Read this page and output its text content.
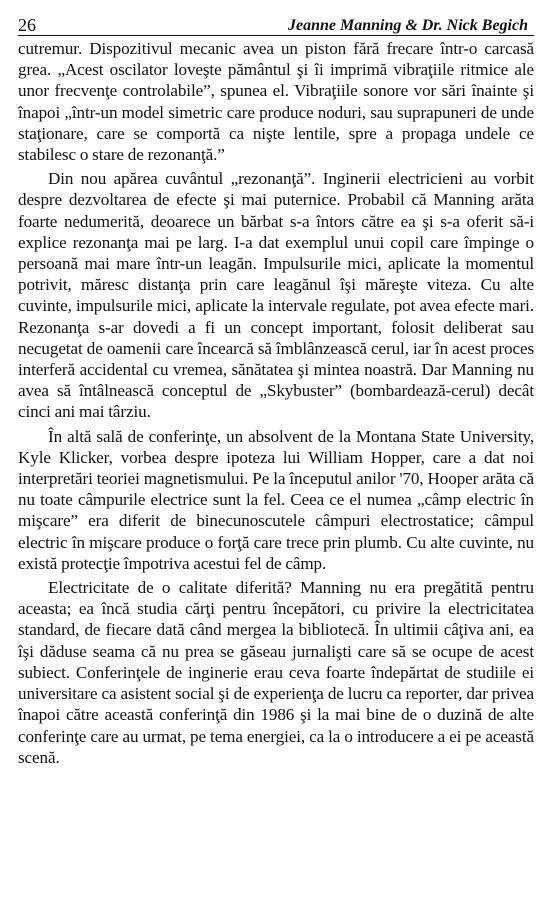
26	Jeanne Manning & Dr. Nick Begich

cutremur. Dispozitivul mecanic avea un piston fără frecare într-o carcasă grea. „Acest oscilator loveşte pământul şi îi imprimă vibraţiile ritmice ale unor frecvenţe controlabile”, spunea el. Vibraţiile sonore vor sări înainte şi înapoi „într-un model simetric care produce noduri, sau suprapuneri de unde staţionare, care se comportă ca nişte lentile, spre a propaga undele ce stabilesc o stare de rezonanţă.”

Din nou apărea cuvântul „rezonanţă”. Inginerii electricieni au vorbit despre dezvoltarea de efecte şi mai puternice. Probabil că Manning arăta foarte nedumerită, deoarece un bărbat s-a întors către ea şi s-a oferit să-i explice rezonanţa mai pe larg. I-a dat exemplul unui copil care împinge o persoană mai mare într-un leagăn. Impulsurile mici, aplicate la momentul potrivit, măresc distanţa prin care leagănul îşi măreşte viteza. Cu alte cuvinte, impulsurile mici, aplicate la intervale regulate, pot avea efecte mari. Rezonanţa s-ar dovedi a fi un concept important, folosit deliberat sau necugetat de oamenii care încearcă să îmblânzească cerul, iar în acest proces interferă accidental cu vremea, sănătatea şi mintea noastră. Dar Manning nu avea să întâlnească conceptul de „Skybuster” (bombardează-cerul) decât cinci ani mai târziu.

În altă sală de conferinţe, un absolvent de la Montana State University, Kyle Klicker, vorbea despre ipoteza lui William Hopper, care a dat noi interpretări teoriei magnetismului. Pe la începutul anilor '70, Hooper arăta că nu toate câmpurile electrice sunt la fel. Ceea ce el numea „câmp electric în mişcare” era diferit de binecunoscutele câmpuri electrostatice; câmpul electric în mişcare produce o forţă care trece prin plumb. Cu alte cuvinte, nu există protecţie împotriva acestui fel de câmp.

Electricitate de o calitate diferită? Manning nu era pregătită pentru aceasta; ea încă studia cărţi pentru începători, cu privire la electricitatea standard, de fiecare dată când mergea la bibliotecă. În ultimii câţiva ani, ea îşi dăduse seama că nu prea se găseau jurnalişti care să se ocupe de acest subiect. Conferinţele de inginerie erau ceva foarte îndepărtat de studiile ei universitare ca asistent social şi de experienţa de lucru ca reporter, dar privea înapoi către această conferinţă din 1986 şi la mai bine de o duzină de alte conferinţe care au urmat, pe tema energiei, ca la o introducere a ei pe această scenă.
